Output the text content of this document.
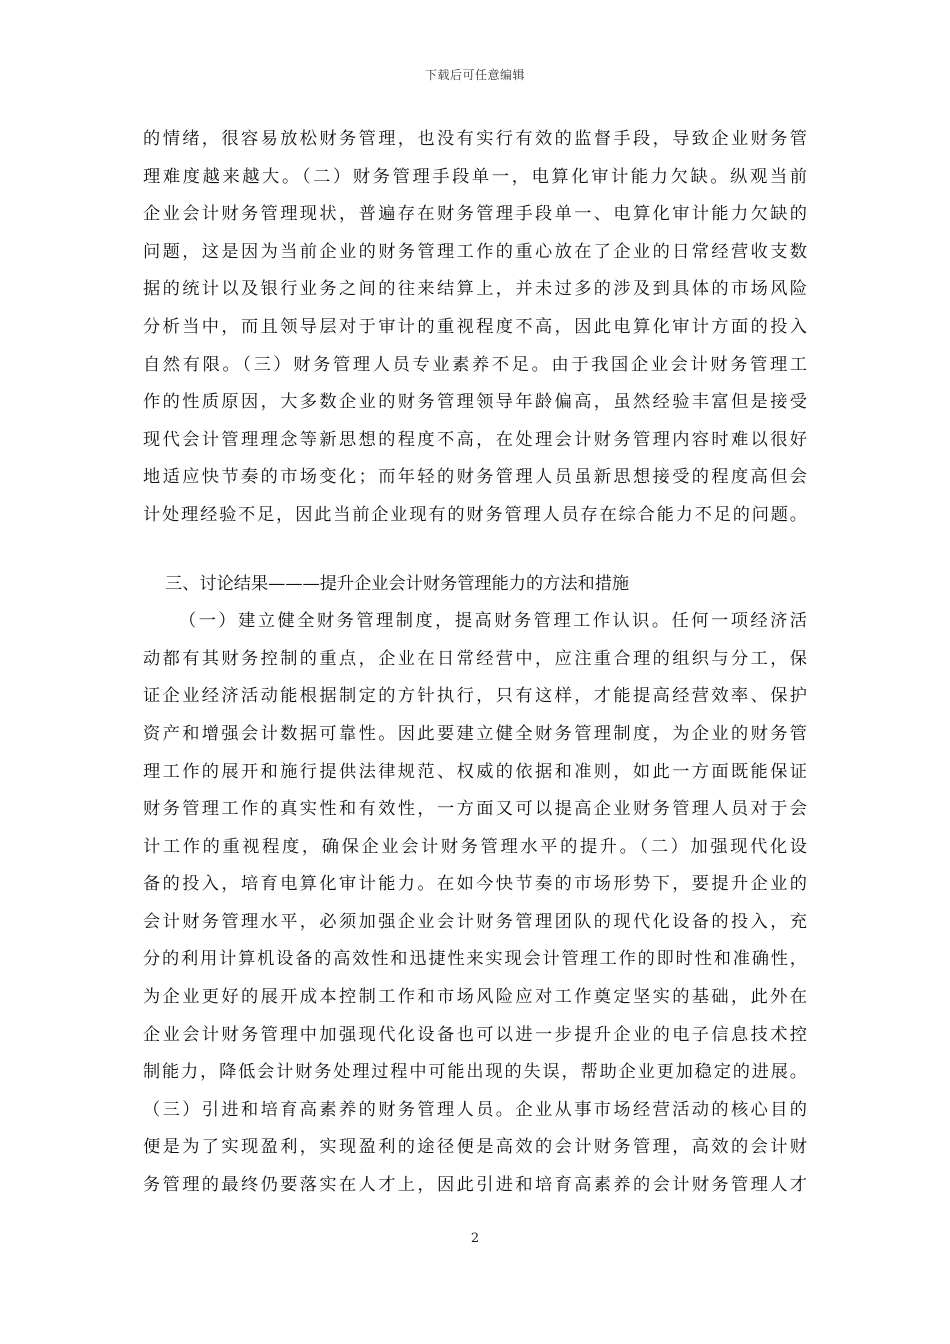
下载后可任意编辑
的情绪，很容易放松财务管理，也没有实行有效的监督手段，导致企业财务管
理难度越来越大。（二）财务管理手段单一，电算化审计能力欠缺。纵观当前
企业会计财务管理现状，普遍存在财务管理手段单一、电算化审计能力欠缺的
问题，这是因为当前企业的财务管理工作的重心放在了企业的日常经营收支数
据的统计以及银行业务之间的往来结算上，并未过多的涉及到具体的市场风险
分析当中，而且领导层对于审计的重视程度不高，因此电算化审计方面的投入
自然有限。（三）财务管理人员专业素养不足。由于我国企业会计财务管理工
作的性质原因，大多数企业的财务管理领导年龄偏高，虽然经验丰富但是接受
现代会计管理理念等新思想的程度不高，在处理会计财务管理内容时难以很好
地适应快节奏的市场变化；而年轻的财务管理人员虽新思想接受的程度高但会
计处理经验不足，因此当前企业现有的财务管理人员存在综合能力不足的问题。
三、讨论结果———提升企业会计财务管理能力的方法和措施
（一）建立健全财务管理制度，提高财务管理工作认识。任何一项经济活
动都有其财务控制的重点，企业在日常经营中，应注重合理的组织与分工，保
证企业经济活动能根据制定的方针执行，只有这样，才能提高经营效率、保护
资产和增强会计数据可靠性。因此要建立健全财务管理制度，为企业的财务管
理工作的展开和施行提供法律规范、权威的依据和准则，如此一方面既能保证
财务管理工作的真实性和有效性，一方面又可以提高企业财务管理人员对于会
计工作的重视程度，确保企业会计财务管理水平的提升。（二）加强现代化设
备的投入，培育电算化审计能力。在如今快节奏的市场形势下，要提升企业的
会计财务管理水平，必须加强企业会计财务管理团队的现代化设备的投入，充
分的利用计算机设备的高效性和迅捷性来实现会计管理工作的即时性和准确性，
为企业更好的展开成本控制工作和市场风险应对工作奠定坚实的基础，此外在
企业会计财务管理中加强现代化设备也可以进一步提升企业的电子信息技术控
制能力，降低会计财务处理过程中可能出现的失误，帮助企业更加稳定的进展。
（三）引进和培育高素养的财务管理人员。企业从事市场经营活动的核心目的
便是为了实现盈利，实现盈利的途径便是高效的会计财务管理，高效的会计财
务管理的最终仍要落实在人才上，因此引进和培育高素养的会计财务管理人才
2
